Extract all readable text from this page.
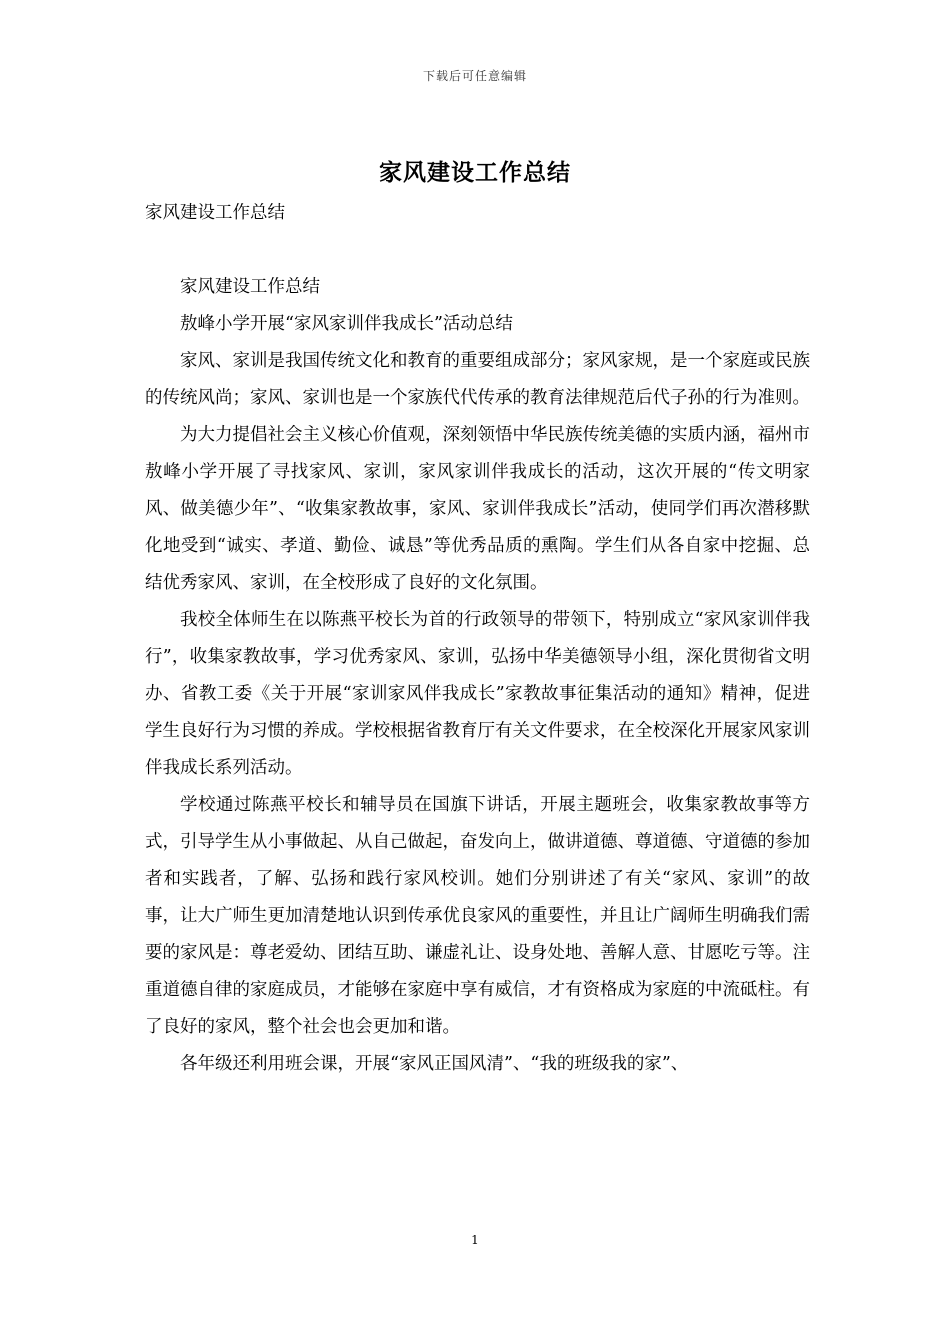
下载后可任意编辑
家风建设工作总结

家风建设工作总结

家风建设工作总结

敖峰小学开展“家风家训伴我成长”活动总结

家风、家训是我国传统文化和教育的重要组成部分；家风家规，是一个家庭或民族的传统风尚；家风、家训也是一个家族代代传承的教育法律规范后代子孙的行为准则。

为大力提倡社会主义核心价值观，深刻领悟中华民族传统美德的实质内涵，福州市敖峰小学开展了寻找家风、家训，家风家训伴我成长的活动，这次开展的“传文明家风、做美德少年”、“收集家教故事，家风、家训伴我成长”活动，使同学们再次潜移默化地受到“诚实、孝道、勤俭、诚恳”等优秀品质的熏陶。学生们从各自家中挖掘、总结优秀家风、家训，在全校形成了良好的文化氛围。

我校全体师生在以陈燕平校长为首的行政领导的带领下，特别成立“家风家训伴我行”，收集家教故事，学习优秀家风、家训，弘扬中华美德领导小组，深化贯彻省文明办、省教工委《关于开展“家训家风伴我成长”家教故事征集活动的通知》精神，促进学生良好行为习惯的养成。学校根据省教育厅有关文件要求，在全校深化开展家风家训伴我成长系列活动。

学校通过陈燕平校长和辅导员在国旗下讲话，开展主题班会，收集家教故事等方式，引导学生从小事做起、从自己做起，奋发向上，做讲道德、尊道德、守道德的参加者和实践者，了解、弘扬和践行家风校训。她们分别讲述了有关“家风、家训”的故事，让大广师生更加清楚地认识到传承优良家风的重要性，并且让广阔师生明确我们需要的家风是：尊老爱幼、团结互助、谦虚礼让、设身处地、善解人意、甘愿吃亏等。注重道德自律的家庭成员，才能够在家庭中享有威信，才有资格成为家庭的中流砥柱。有了良好的家风，整个社会也会更加和谐。

各年级还利用班会课，开展“家风正国风清”、“我的班级我的家”、

1
